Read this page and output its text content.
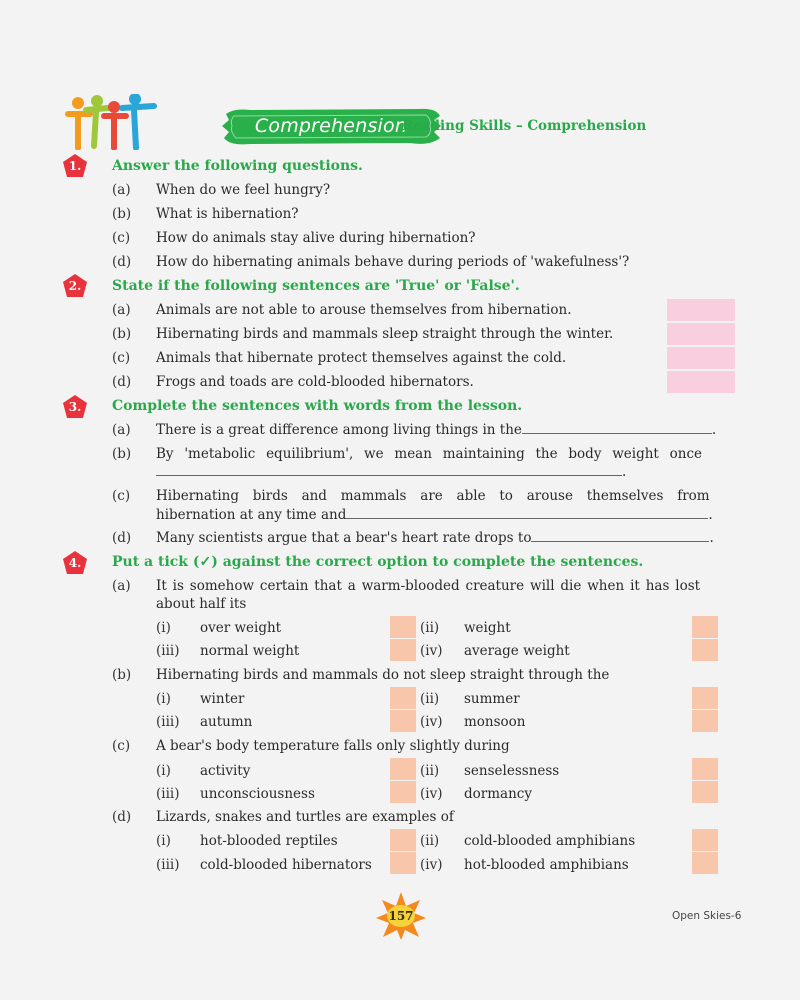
Comprehension
Reading Skills – Comprehension
1.	Answer the following questions.
(a)	When do we feel hungry?
(b)	What is hibernation?
(c)	How do animals stay alive during hibernation?
(d)	How do hibernating animals behave during periods of 'wakefulness'?
2.	State if the following sentences are 'True' or 'False'.
(a)	Animals are not able to arouse themselves from hibernation.
(b)	Hibernating birds and mammals sleep straight through the winter.
(c)	Animals that hibernate protect themselves against the cold.
(d)	Frogs and toads are cold-blooded hibernators.
3.	Complete the sentences with words from the lesson.
(a)	There is a great difference among living things in the	.
(b)	By 'metabolic equilibrium', we mean maintaining the body weight once
.
(c)	Hibernating birds and mammals are able to arouse themselves from
hibernation at any time and	.
(d)	Many scientists argue that a bear's heart rate drops to	.
4.	Put a tick (✓) against the correct option to complete the sentences.
(a)	It is somehow certain that a warm-blooded creature will die when it has lost
about half its
(i)	over weight	(ii)	weight
(iii)	normal weight	(iv)	average weight
(b)	Hibernating birds and mammals do not sleep straight through the
(i)	winter	(ii)	summer
(iii)	autumn	(iv)	monsoon
(c)	A bear's body temperature falls only slightly during
(i)	activity	(ii)	senselessness
(iii)	unconsciousness	(iv)	dormancy
(d)	Lizards, snakes and turtles are examples of
(i)	hot-blooded reptiles	(ii)	cold-blooded amphibians
(iii)	cold-blooded hibernators	(iv)	hot-blooded amphibians
157	Open Skies-6
